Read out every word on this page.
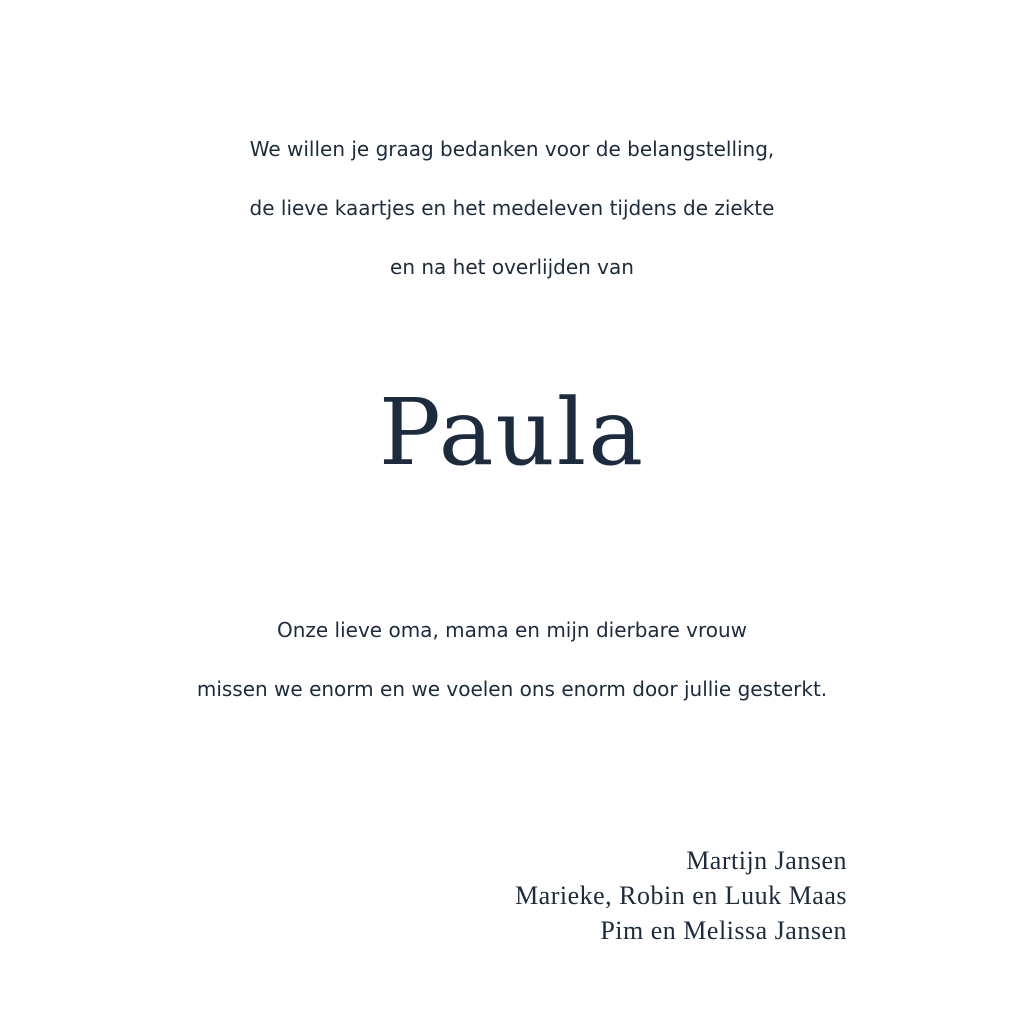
We willen je graag bedanken voor de belangstelling,
de lieve kaartjes en het medeleven tijdens de ziekte
en na het overlijden van
Paula
Onze lieve oma, mama en mijn dierbare vrouw
missen we enorm en we voelen ons enorm door jullie gesterkt.
Martijn Jansen
Marieke, Robin en Luuk Maas
Pim en Melissa Jansen
